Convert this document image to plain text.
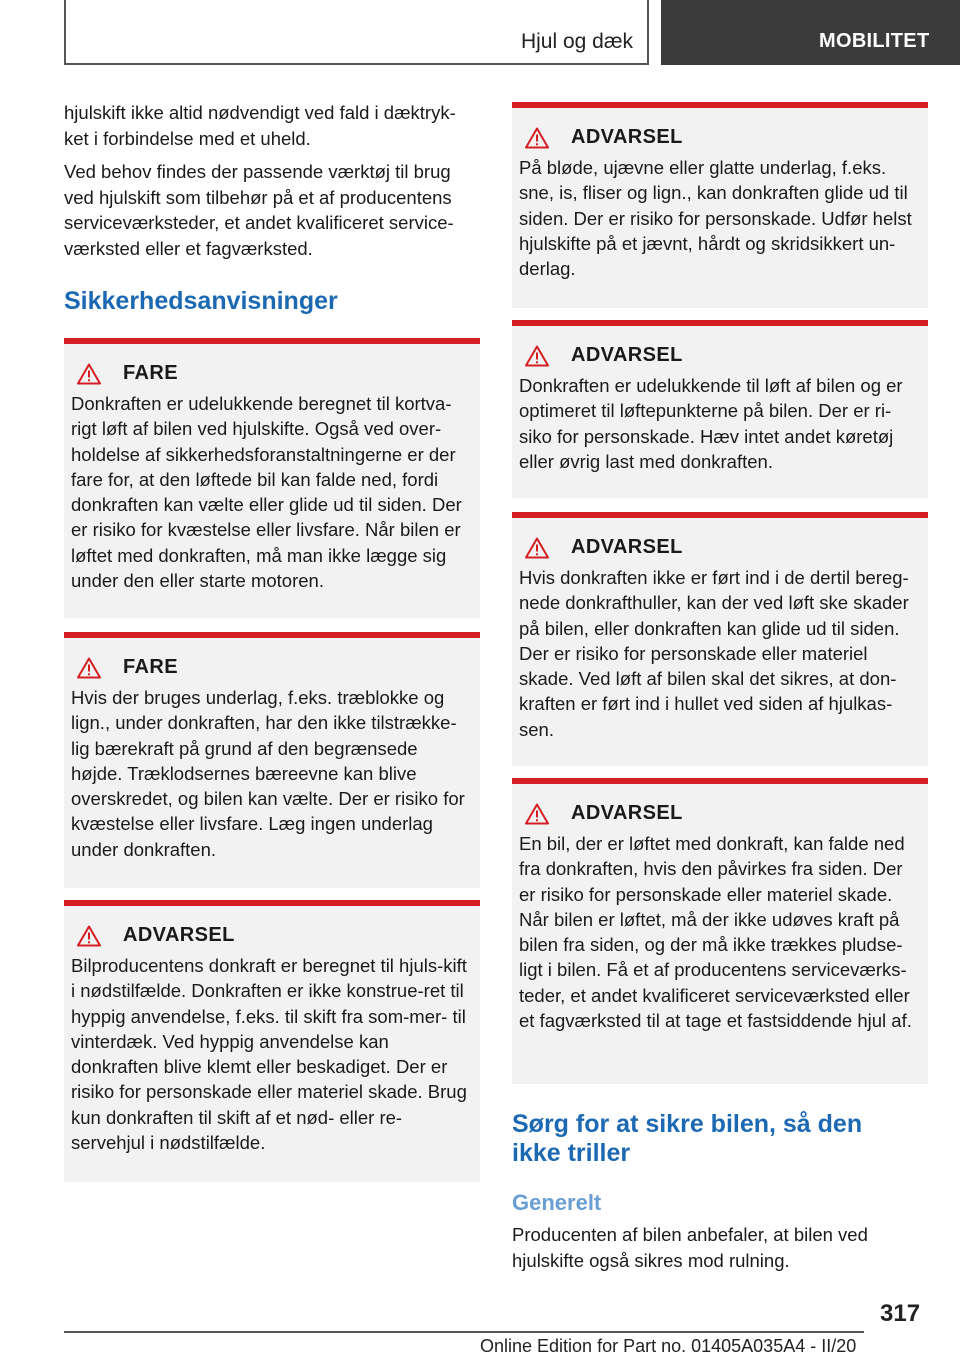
Hjul og dæk	MOBILITET

hjulskift ikke altid nødvendigt ved fald i dæktryk-ket i forbindelse med et uheld.

Ved behov findes der passende værktøj til brug ved hjulskift som tilbehør på et af producentens serviceværksteder, et andet kvalificeret service-værksted eller et fagværksted.

Sikkerhedsanvisninger
FARE
Donkraften er udelukkende beregnet til kortva-rigt løft af bilen ved hjulskifte. Også ved over-holdelse af sikkerhedsforanstaltningerne er der fare for, at den løftede bil kan falde ned, fordi donkraften kan vælte eller glide ud til siden. Der er risiko for kvæstelse eller livsfare. Når bilen er løftet med donkraften, må man ikke lægge sig under den eller starte motoren.
FARE
Hvis der bruges underlag, f.eks. træblokke og lign., under donkraften, har den ikke tilstrække-lig bærekraft på grund af den begrænsede højde. Træklodsernes bæreevne kan blive overskredet, og bilen kan vælte. Der er risiko for kvæstelse eller livsfare. Læg ingen underlag under donkraften.
ADVARSEL
Bilproducentens donkraft er beregnet til hjuls-kift i nødstilfælde. Donkraften er ikke konstrue-ret til hyppig anvendelse, f.eks. til skift fra som-mer- til vinterdæk. Ved hyppig anvendelse kan donkraften blive klemt eller beskadiget. Der er risiko for personskade eller materiel skade. Brug kun donkraften til skift af et nød- eller re-servehjul i nødstilfælde.
ADVARSEL
På bløde, ujævne eller glatte underlag, f.eks. sne, is, fliser og lign., kan donkraften glide ud til siden. Der er risiko for personskade. Udfør helst hjulskifte på et jævnt, hårdt og skridsikkert un-derlag.
ADVARSEL
Donkraften er udelukkende til løft af bilen og er optimeret til løftepunkterne på bilen. Der er ri-siko for personskade. Hæv intet andet køretøj eller øvrig last med donkraften.
ADVARSEL
Hvis donkraften ikke er ført ind i de dertil bereg-nede donkrafthuller, kan der ved løft ske skader på bilen, eller donkraften kan glide ud til siden. Der er risiko for personskade eller materiel skade. Ved løft af bilen skal det sikres, at don-kraften er ført ind i hullet ved siden af hjulkas-sen.
ADVARSEL
En bil, der er løftet med donkraft, kan falde ned fra donkraften, hvis den påvirkes fra siden. Der er risiko for personskade eller materiel skade. Når bilen er løftet, må der ikke udøves kraft på bilen fra siden, og der må ikke trækkes pludse-ligt i bilen. Få et af producentens serviceværks-teder, et andet kvalificeret serviceværksted eller et fagværksted til at tage et fastsiddende hjul af.
Sørg for at sikre bilen, så den ikke triller
Generelt

Producenten af bilen anbefaler, at bilen ved hjulskifte også sikres mod rulning.

317
Online Edition for Part no. 01405A035A4 - II/20
